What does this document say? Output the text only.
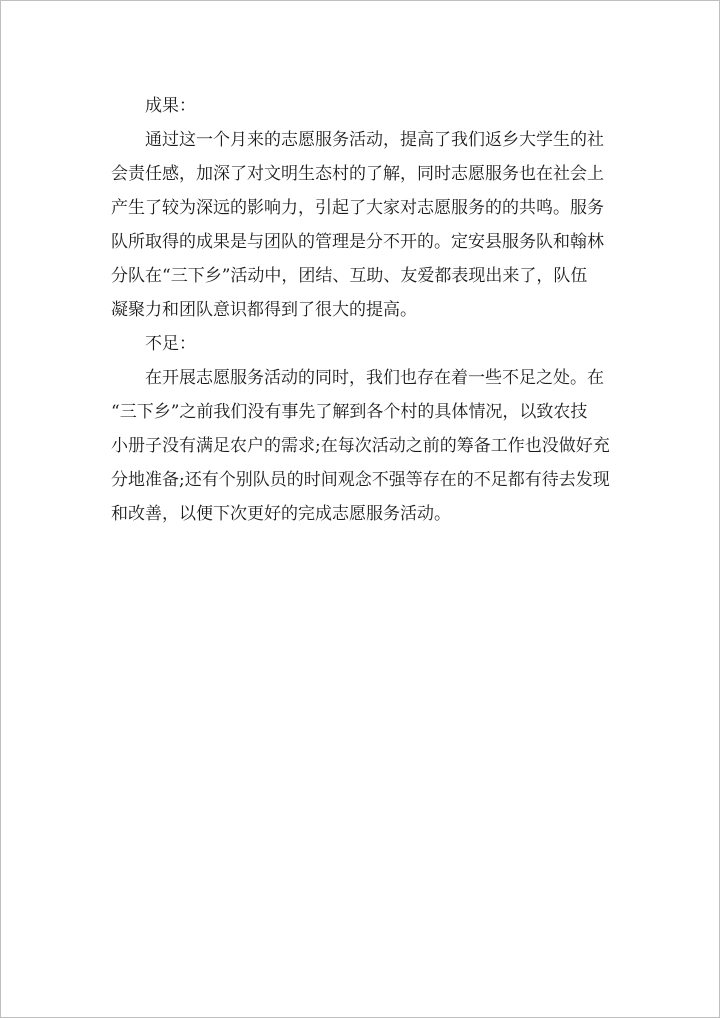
成果：
通过这一个月来的志愿服务活动，提高了我们返乡大学生的社
会责任感，加深了对文明生态村的了解，同时志愿服务也在社会上
产生了较为深远的影响力，引起了大家对志愿服务的的共鸣。服务
队所取得的成果是与团队的管理是分不开的。定安县服务队和翰林
分队在“三下乡”活动中，团结、互助、友爱都表现出来了，队伍
凝聚力和团队意识都得到了很大的提高。
不足：
在开展志愿服务活动的同时，我们也存在着一些不足之处。在
“三下乡”之前我们没有事先了解到各个村的具体情况，以致农技
小册子没有满足农户的需求;在每次活动之前的筹备工作也没做好充
分地准备;还有个别队员的时间观念不强等存在的不足都有待去发现
和改善，以便下次更好的完成志愿服务活动。
